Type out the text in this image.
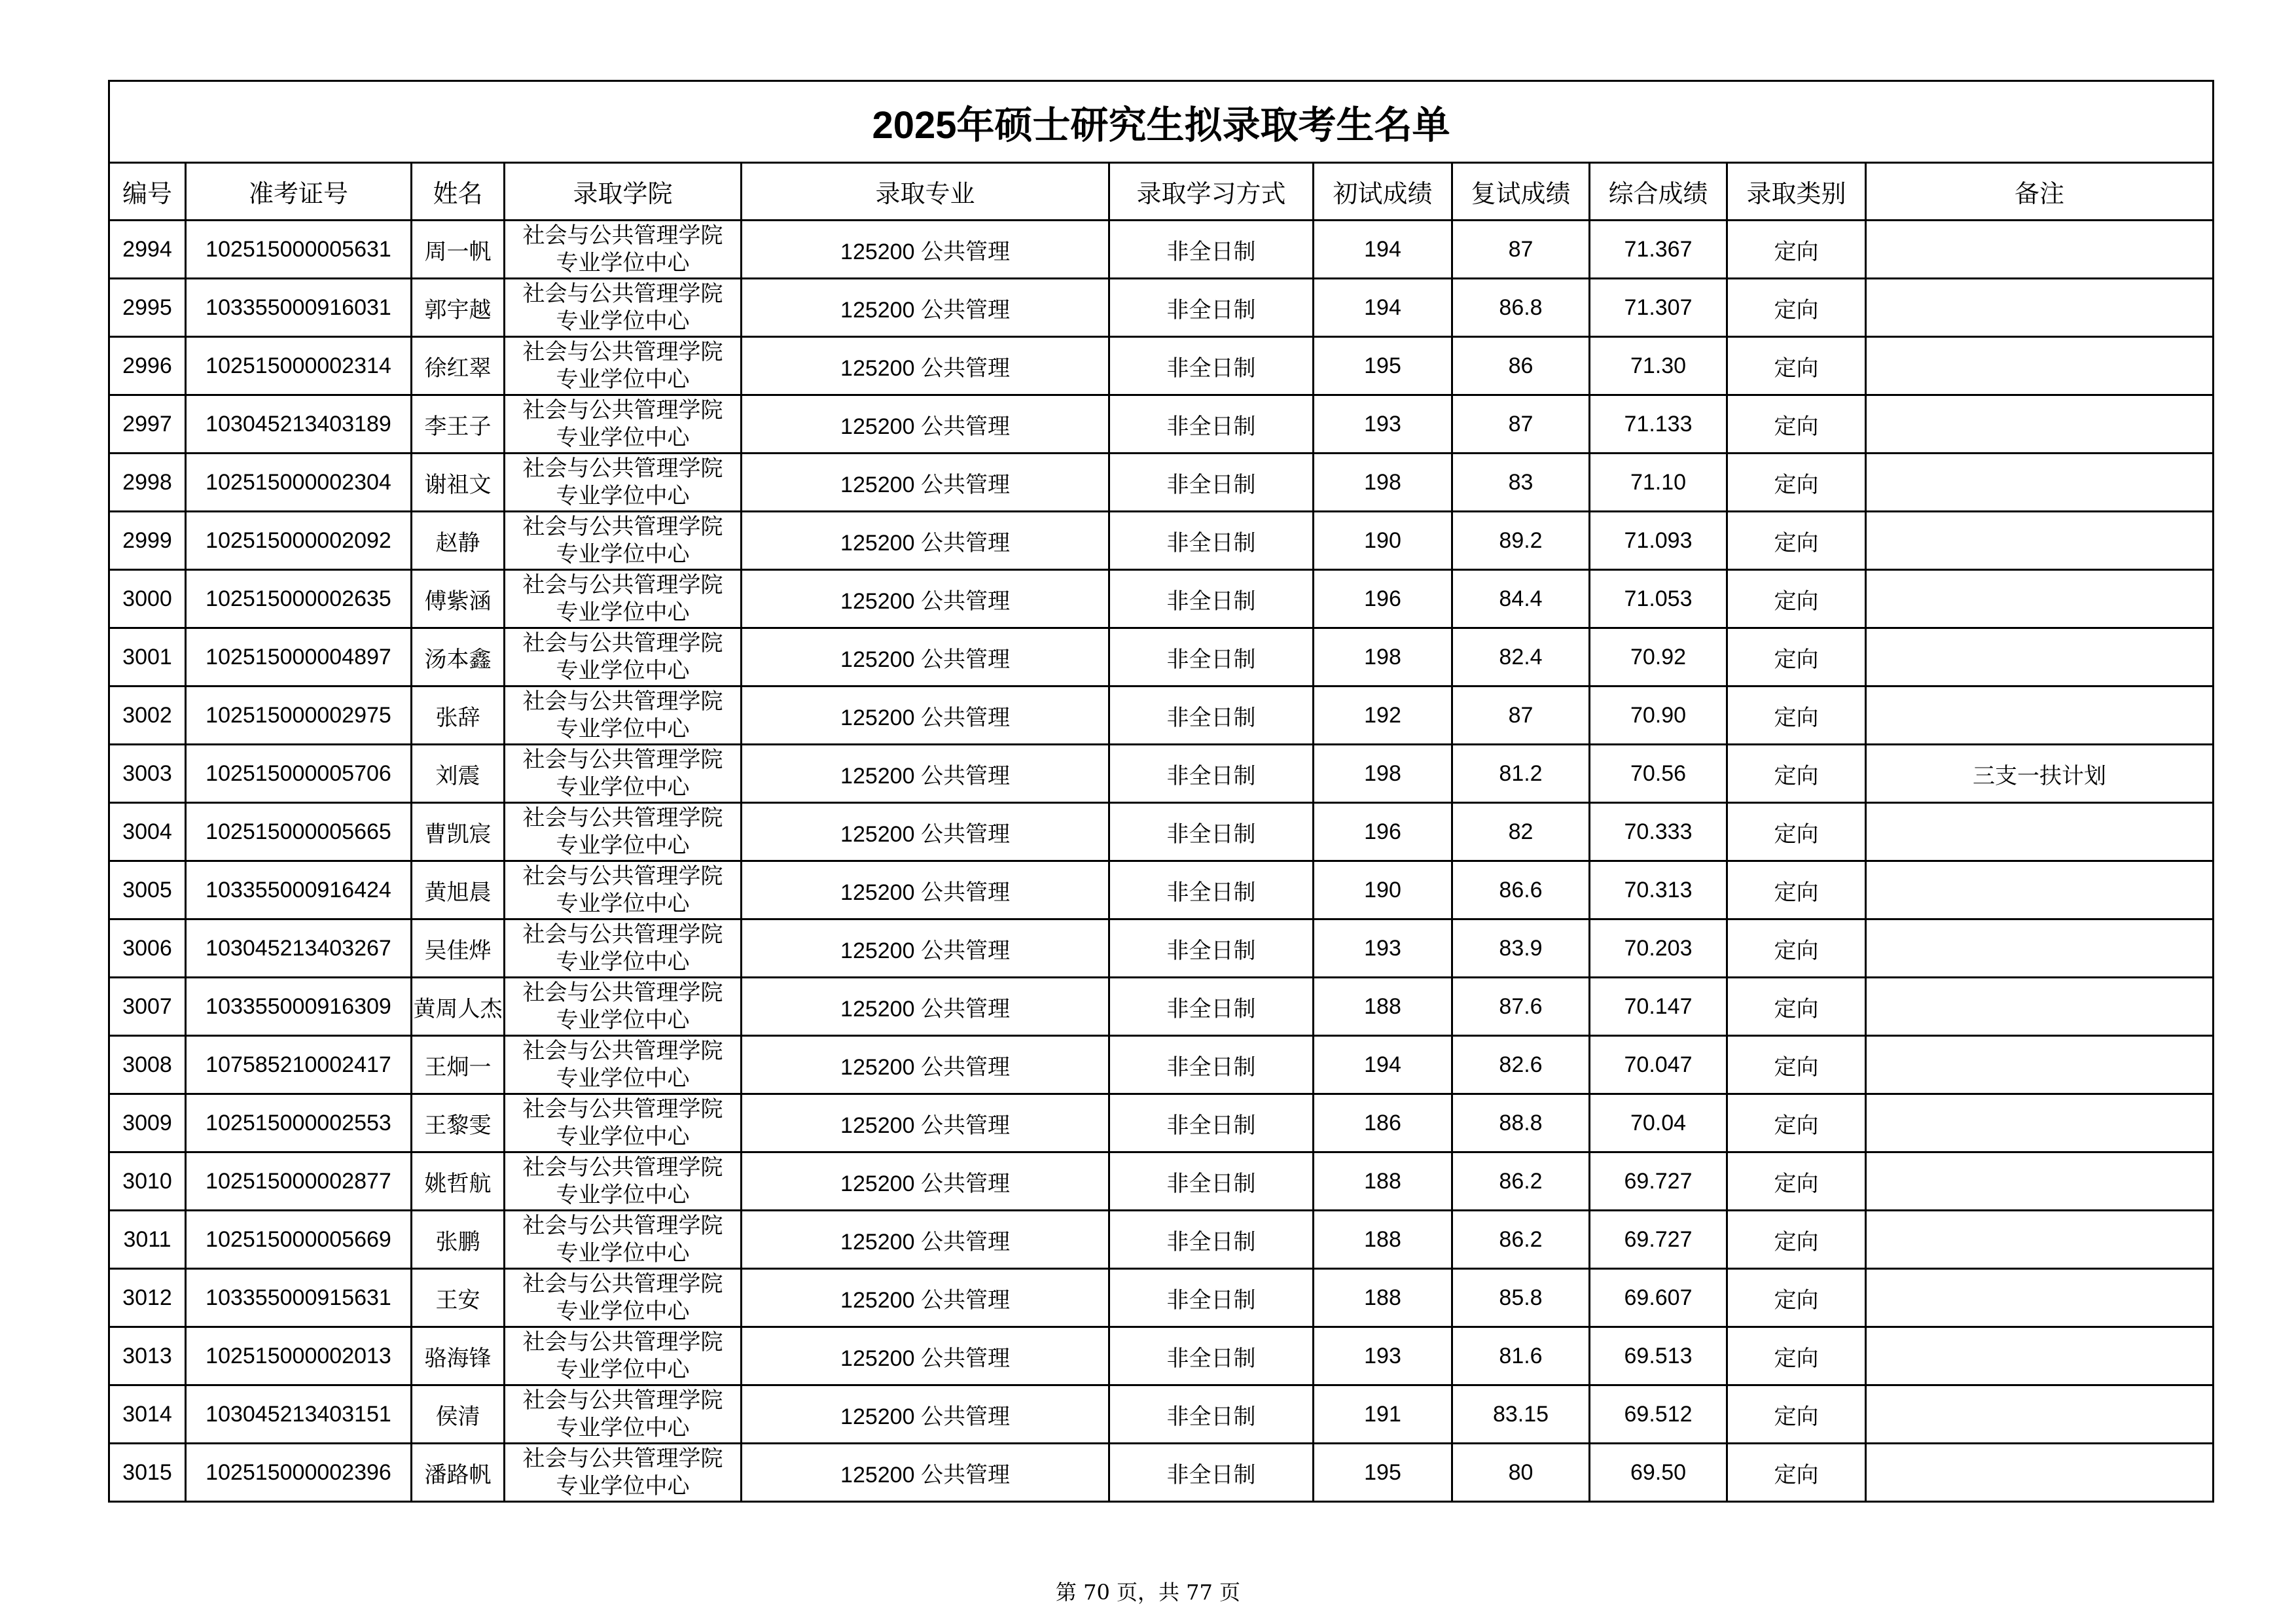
2025年硕士研究生拟录取考生名单										
编号	准考证号	姓名	录取学院	录取专业	录取学习方式	初试成绩	复试成绩	综合成绩	录取类别	备注
2994	102515000005631	周一帆	社会与公共管理学院
专业学位中心	125200 公共管理	非全日制	194	87	71.367	定向	
2995	103355000916031	郭宇越	社会与公共管理学院
专业学位中心	125200 公共管理	非全日制	194	86.8	71.307	定向	
2996	102515000002314	徐红翠	社会与公共管理学院
专业学位中心	125200 公共管理	非全日制	195	86	71.30	定向	
2997	103045213403189	李王子	社会与公共管理学院
专业学位中心	125200 公共管理	非全日制	193	87	71.133	定向	
2998	102515000002304	谢祖文	社会与公共管理学院
专业学位中心	125200 公共管理	非全日制	198	83	71.10	定向	
2999	102515000002092	赵静	社会与公共管理学院
专业学位中心	125200 公共管理	非全日制	190	89.2	71.093	定向	
3000	102515000002635	傅紫涵	社会与公共管理学院
专业学位中心	125200 公共管理	非全日制	196	84.4	71.053	定向	
3001	102515000004897	汤本鑫	社会与公共管理学院
专业学位中心	125200 公共管理	非全日制	198	82.4	70.92	定向	
3002	102515000002975	张辞	社会与公共管理学院
专业学位中心	125200 公共管理	非全日制	192	87	70.90	定向	
3003	102515000005706	刘震	社会与公共管理学院
专业学位中心	125200 公共管理	非全日制	198	81.2	70.56	定向	三支一扶计划
3004	102515000005665	曹凯宸	社会与公共管理学院
专业学位中心	125200 公共管理	非全日制	196	82	70.333	定向	
3005	103355000916424	黄旭晨	社会与公共管理学院
专业学位中心	125200 公共管理	非全日制	190	86.6	70.313	定向	
3006	103045213403267	吴佳烨	社会与公共管理学院
专业学位中心	125200 公共管理	非全日制	193	83.9	70.203	定向	
3007	103355000916309	黄周人杰	社会与公共管理学院
专业学位中心	125200 公共管理	非全日制	188	87.6	70.147	定向	
3008	107585210002417	王炯一	社会与公共管理学院
专业学位中心	125200 公共管理	非全日制	194	82.6	70.047	定向	
3009	102515000002553	王黎雯	社会与公共管理学院
专业学位中心	125200 公共管理	非全日制	186	88.8	70.04	定向	
3010	102515000002877	姚哲航	社会与公共管理学院
专业学位中心	125200 公共管理	非全日制	188	86.2	69.727	定向	
3011	102515000005669	张鹏	社会与公共管理学院
专业学位中心	125200 公共管理	非全日制	188	86.2	69.727	定向	
3012	103355000915631	王安	社会与公共管理学院
专业学位中心	125200 公共管理	非全日制	188	85.8	69.607	定向	
3013	102515000002013	骆海锋	社会与公共管理学院
专业学位中心	125200 公共管理	非全日制	193	81.6	69.513	定向	
3014	103045213403151	侯清	社会与公共管理学院
专业学位中心	125200 公共管理	非全日制	191	83.15	69.512	定向	
3015	102515000002396	潘路帆	社会与公共管理学院
专业学位中心	125200 公共管理	非全日制	195	80	69.50	定向	
第 70 页，共 77 页
